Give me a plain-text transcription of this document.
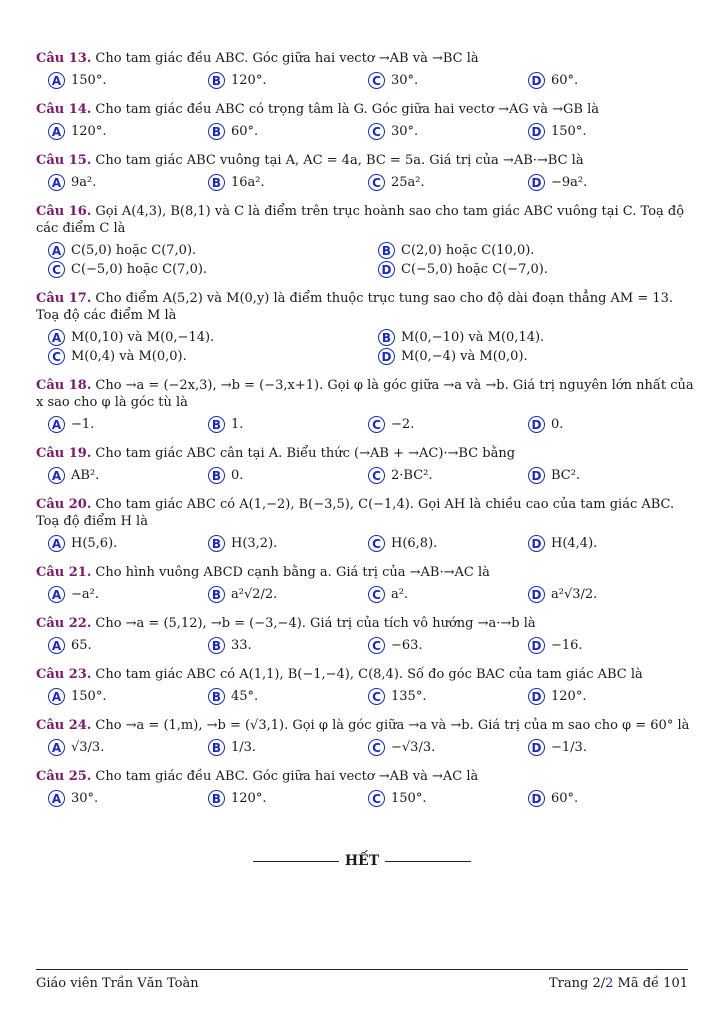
Câu 13. Cho tam giác đều ABC. Góc giữa hai vectơ →AB và →BC là
A 150°.	B 120°.	C 30°.	D 60°.
Câu 14. Cho tam giác đều ABC có trọng tâm là G. Góc giữa hai vectơ →AG và →GB là
A 120°.	B 60°.	C 30°.	D 150°.
Câu 15. Cho tam giác ABC vuông tại A, AC = 4a, BC = 5a. Giá trị của →AB·→BC là
A 9a².	B 16a².	C 25a².	D −9a².
Câu 16. Gọi A(4,3), B(8,1) và C là điểm trên trục hoành sao cho tam giác ABC vuông tại C. Toạ độ các điểm C là
A C(5,0) hoặc C(7,0).	B C(2,0) hoặc C(10,0).
C C(−5,0) hoặc C(7,0).	D C(−5,0) hoặc C(−7,0).
Câu 17. Cho điểm A(5,2) và M(0,y) là điểm thuộc trục tung sao cho độ dài đoạn thẳng AM = 13. Toạ độ các điểm M là
A M(0,10) và M(0,−14).	B M(0,−10) và M(0,14).
C M(0,4) và M(0,0).	D M(0,−4) và M(0,0).
Câu 18. Cho →a = (−2x,3), →b = (−3,x+1). Gọi φ là góc giữa →a và →b. Giá trị nguyên lớn nhất của x sao cho φ là góc tù là
A −1.	B 1.	C −2.	D 0.
Câu 19. Cho tam giác ABC cân tại A. Biểu thức (→AB + →AC)·→BC bằng
A AB².	B 0.	C 2·BC².	D BC².
Câu 20. Cho tam giác ABC có A(1,−2), B(−3,5), C(−1,4). Gọi AH là chiều cao của tam giác ABC. Toạ độ điểm H là
A H(5,6).	B H(3,2).	C H(6,8).	D H(4,4).
Câu 21. Cho hình vuông ABCD cạnh bằng a. Giá trị của →AB·→AC là
A −a².	B a²√2/2.	C a².	D a²√3/2.
Câu 22. Cho →a = (5,12), →b = (−3,−4). Giá trị của tích vô hướng →a·→b là
A 65.	B 33.	C −63.	D −16.
Câu 23. Cho tam giác ABC có A(1,1), B(−1,−4), C(8,4). Số đo góc BAC của tam giác ABC là
A 150°.	B 45°.	C 135°.	D 120°.
Câu 24. Cho →a = (1,m), →b = (√3,1). Gọi φ là góc giữa →a và →b. Giá trị của m sao cho φ = 60° là
A √3/3.	B 1/3.	C −√3/3.	D −1/3.
Câu 25. Cho tam giác đều ABC. Góc giữa hai vectơ →AB và →AC là
A 30°.	B 120°.	C 150°.	D 60°.
HẾT
Giáo viên Trần Văn Toàn	Trang 2/2 Mã đề 101
